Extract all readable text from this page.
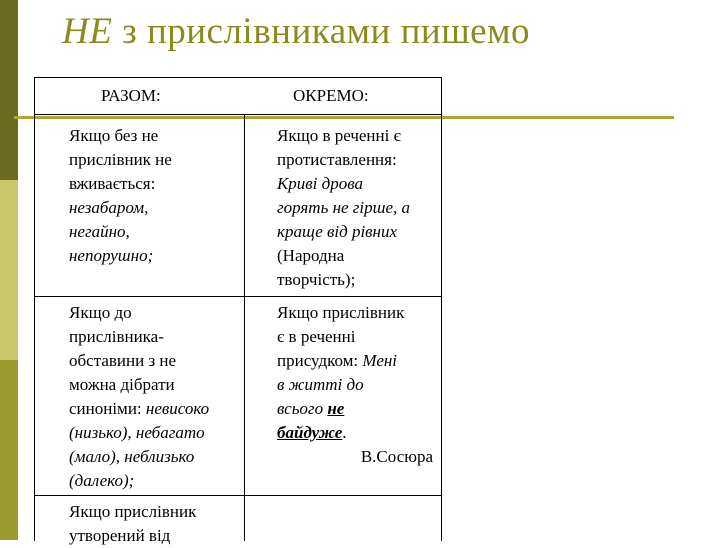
НЕ з прислівниками пишемо
РАЗОМ:	ОКРЕМО:
Якщо без не
прислівник не
вживається:
незабаром,
негайно,
непорушно;
Якщо в реченні є
протиставлення:
Криві дрова
горять не гірше, а
краще від рівних
(Народна
творчість);
Якщо до
прислівника-
обставини з не
можна дібрати
синоніми: невисоко
(низько), небагато
(мало), неблизько
(далеко);
Якщо прислівник
є в реченні
присудком: Мені
в житті до
всього не
байдуже.
В.Сосюра
Якщо прислівник
утворений від
